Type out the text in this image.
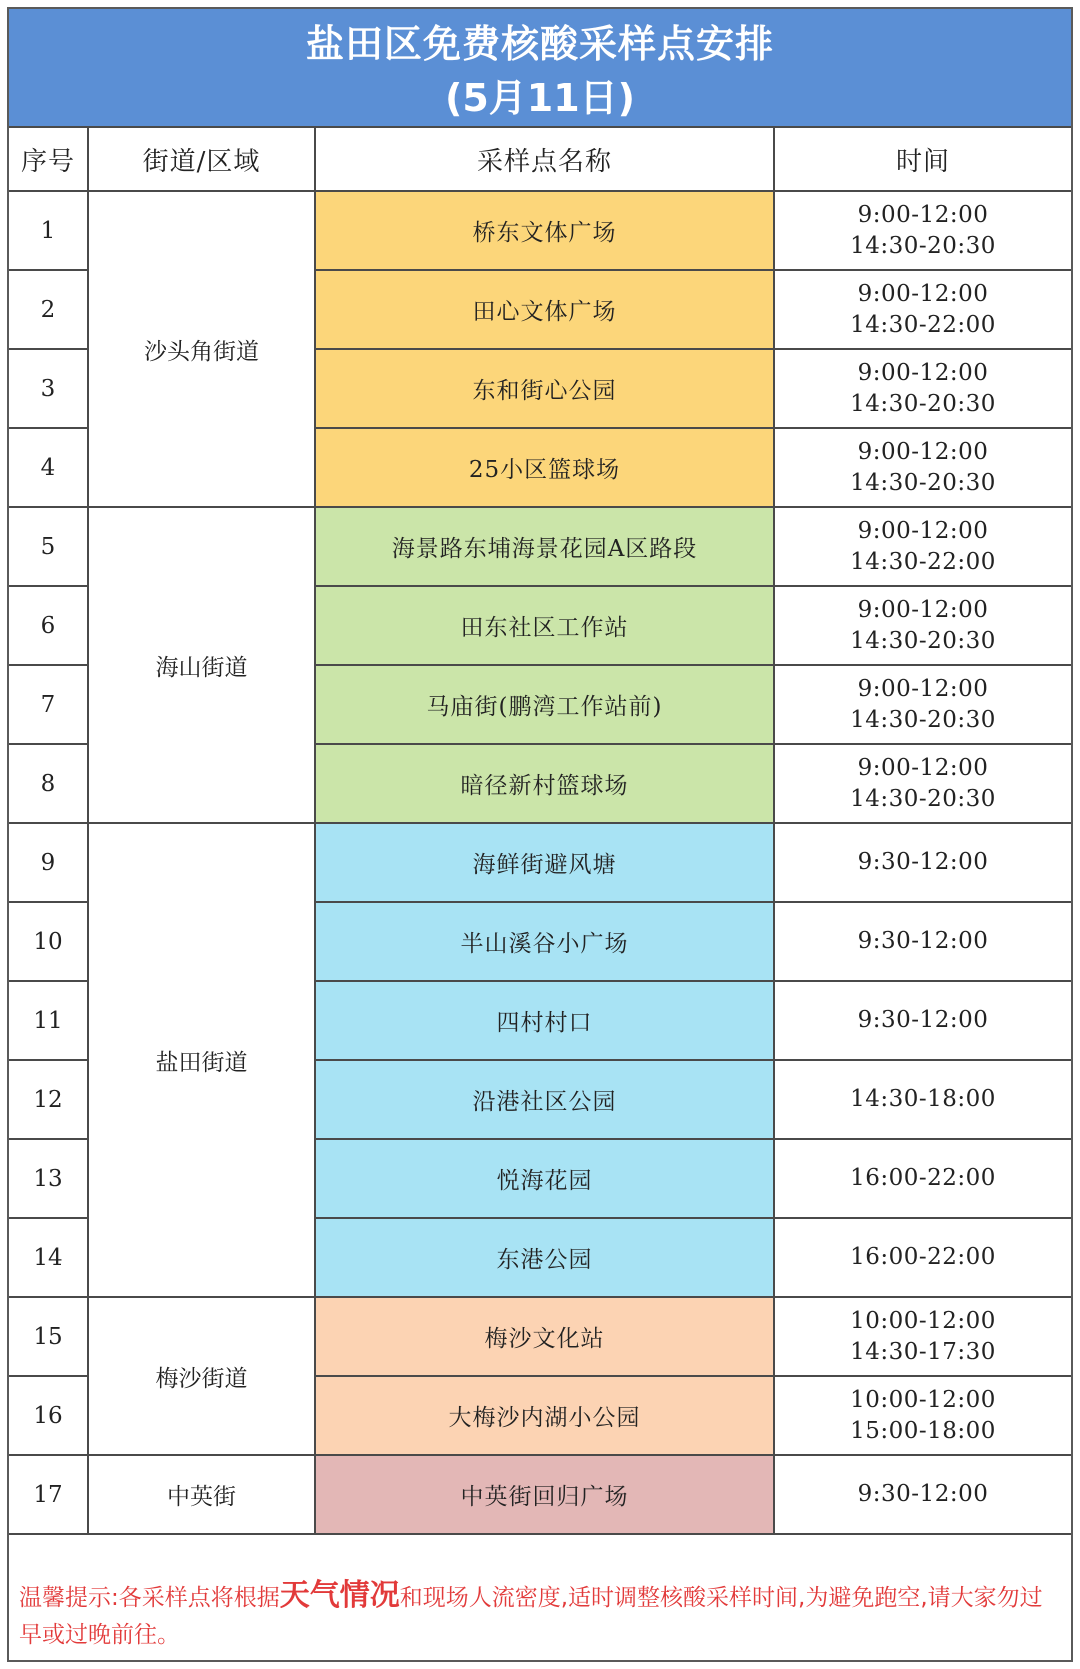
盐田区免费核酸采样点安排
(5月11日)
序号	街道/区域	采样点名称	时间
1	沙头角街道	桥东文体广场	9:00-12:00
14:30-20:30

2		田心文体广场	9:00-12:00
14:30-22:00

3		东和街心公园	9:00-12:00
14:30-20:30

4		25小区篮球场	9:00-12:00
14:30-20:30

5	海山街道	海景路东埔海景花园A区路段	9:00-12:00
14:30-22:00

6		田东社区工作站	9:00-12:00
14:30-20:30

7		马庙街(鹏湾工作站前)	9:00-12:00
14:30-20:30

8		暗径新村篮球场	9:00-12:00
14:30-20:30

9	盐田街道	海鲜街避风塘	9:30-12:00

10		半山溪谷小广场	9:30-12:00

11		四村村口	9:30-12:00

12		沿港社区公园	14:30-18:00

13		悦海花园	16:00-22:00

14		东港公园	16:00-22:00

15	梅沙街道	梅沙文化站	10:00-12:00
14:30-17:30

16		大梅沙内湖小公园	10:00-12:00
15:00-18:00

17	中英街	中英街回归广场	9:30-12:00
温馨提示:各采样点将根据天气情况和现场人流密度,适时调整核酸采样时间,为避免跑空,请大家勿过早或过晚前往。
